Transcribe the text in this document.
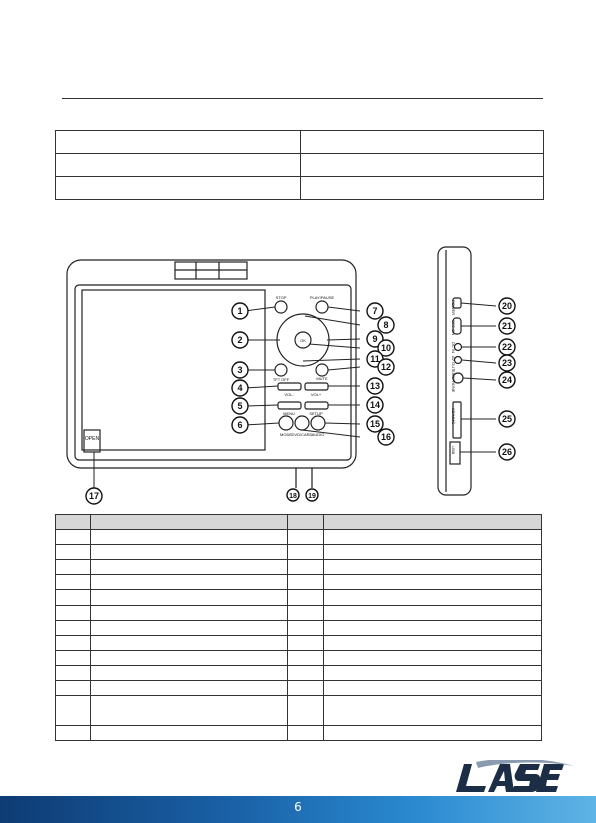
1
2
3
4
5
6
7
8
9
10
11
12
13
14
15
16
17	18 19
20
21
22
23
24
25
26
STOP	PLAY/PAUSE
TFT OFF	MUTE
VOL-	VOL+
MENU	SETUP
MODE DVD/CARD AUDIO
OK
OPEN
POWER
OFF ON
DC IN
AV OUT
EARPHONE
SD/MMC
USB

6
